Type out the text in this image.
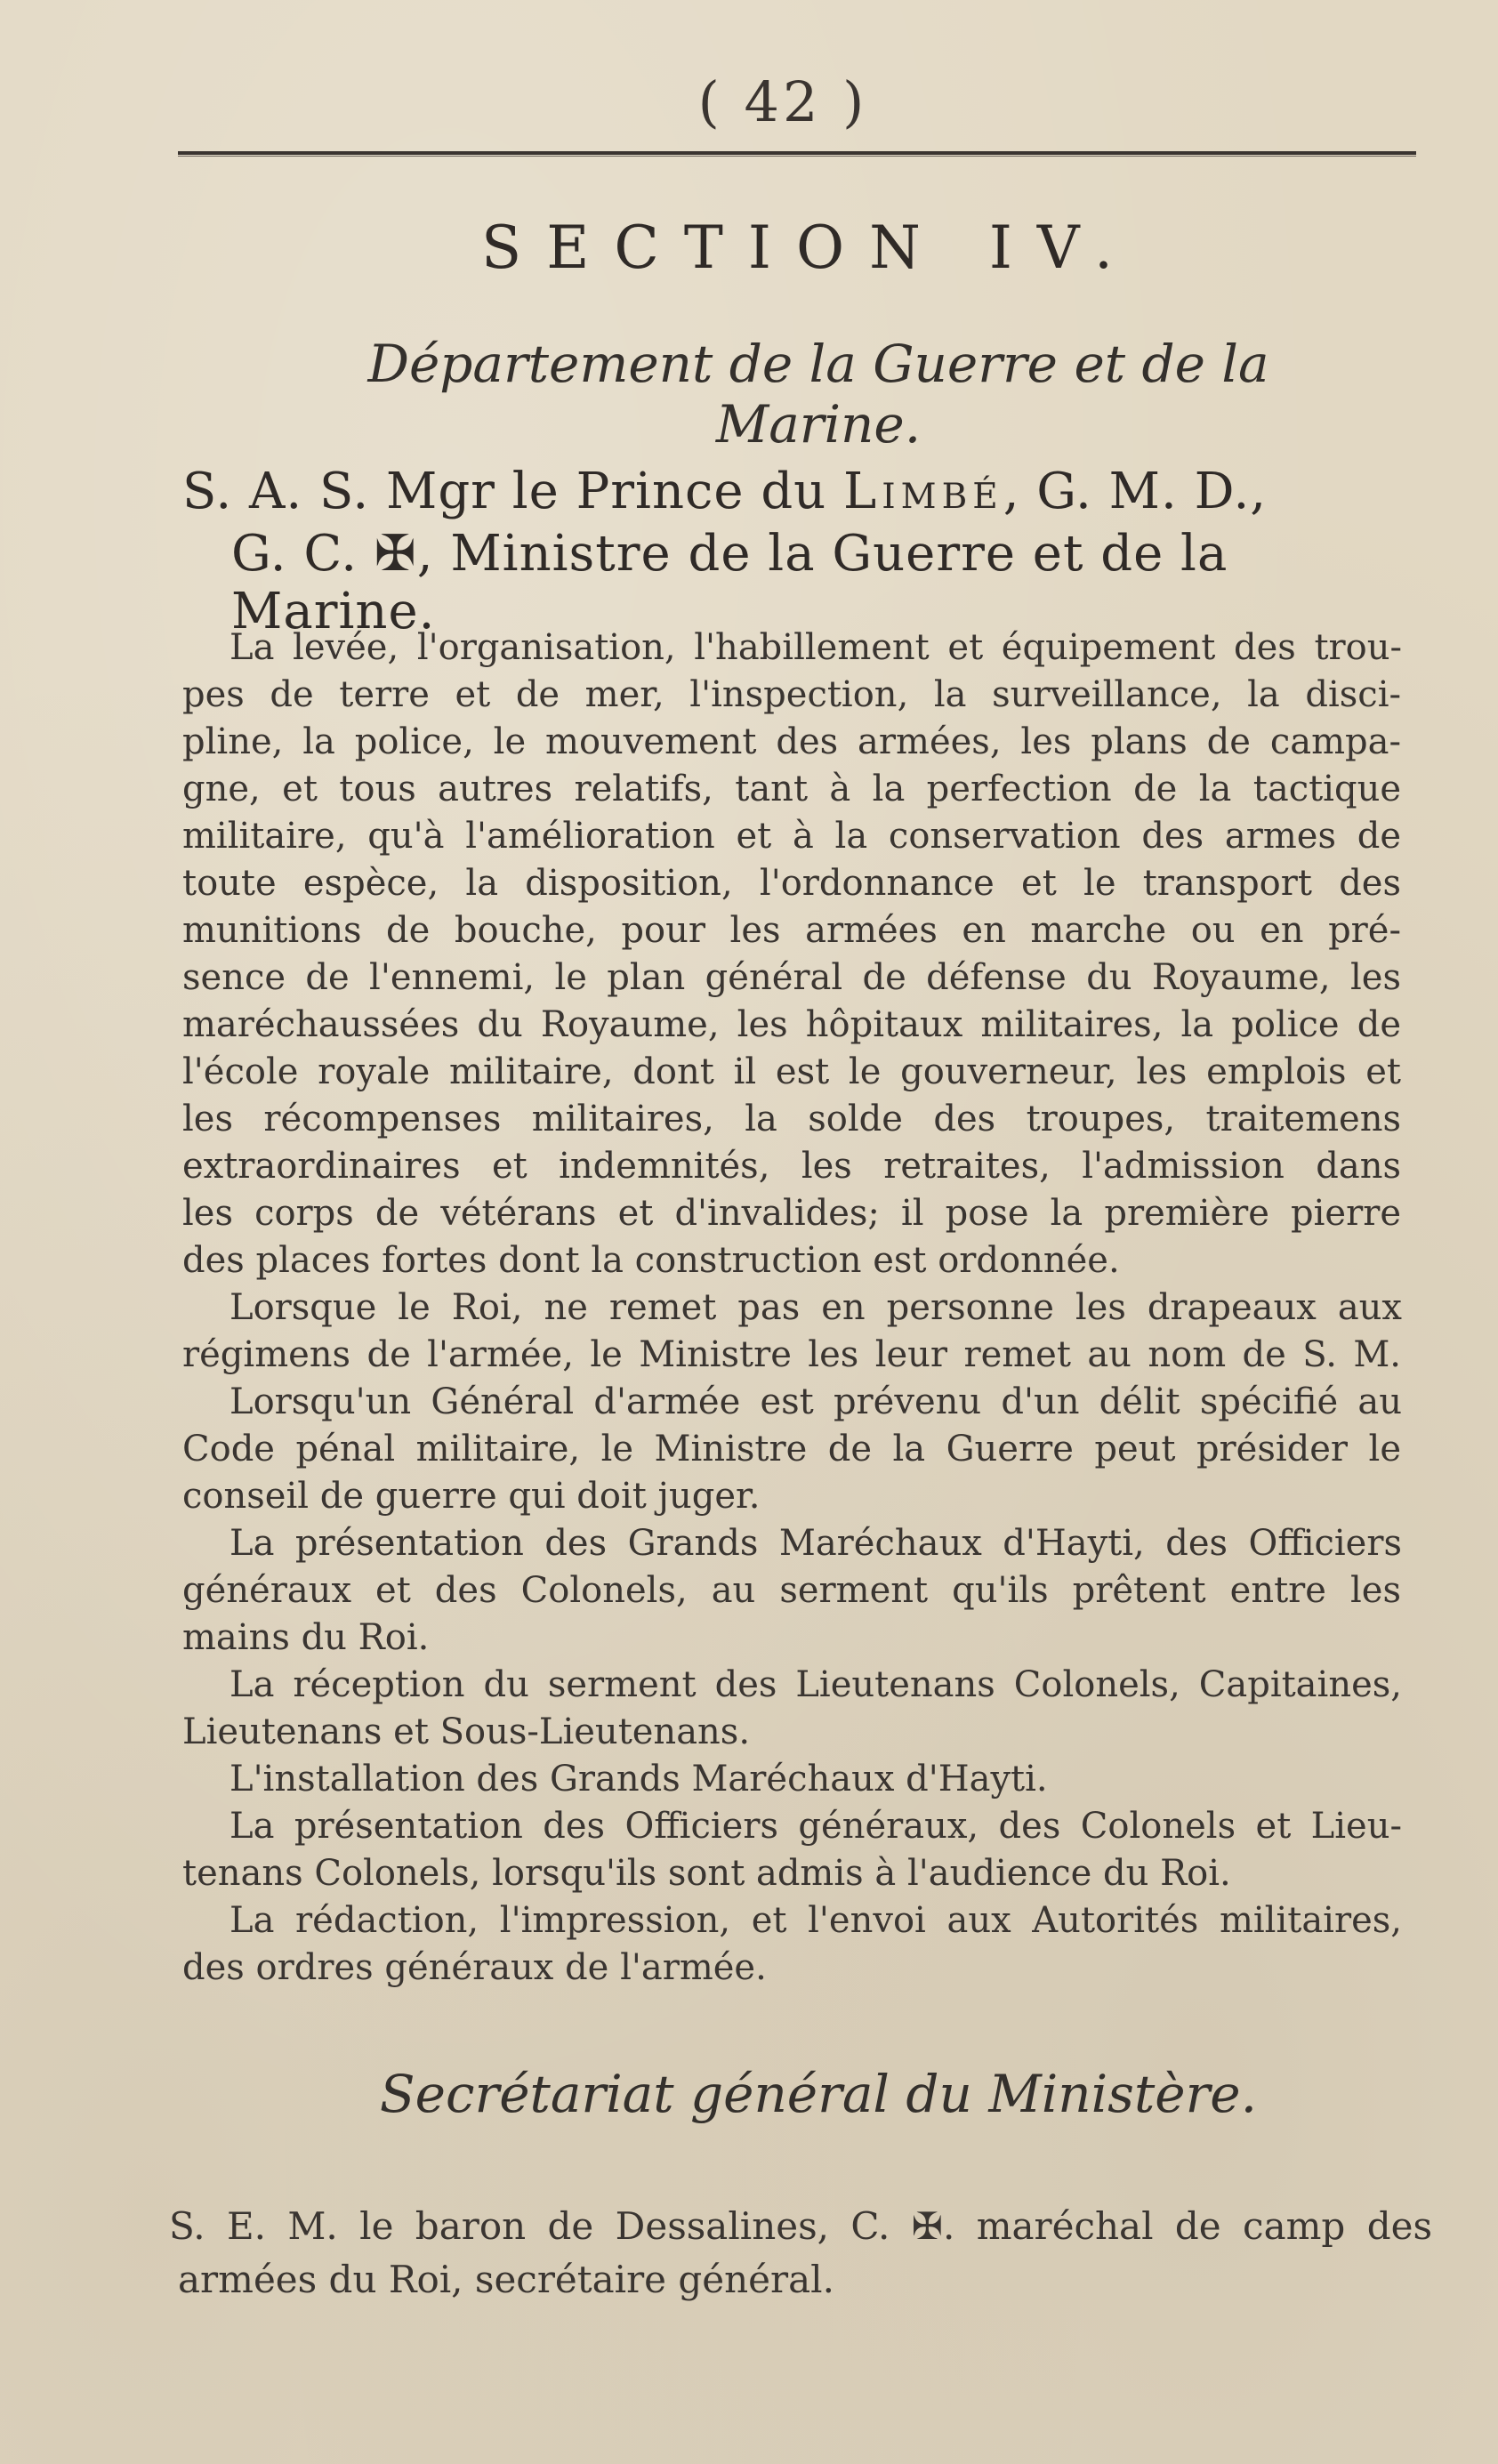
( 42 )
SECTION IV.
Département de la Guerre et de la Marine.
S. A. S. Mgr le Prince du Limbé, G. M. D.,
G. C. ✠, Ministre de la Guerre et de la Marine.
La levée, l'organisation, l'habillement et équipement des trou-
pes de terre et de mer, l'inspection, la surveillance, la disci-
pline, la police, le mouvement des armées, les plans de campa-
gne, et tous autres relatifs, tant à la perfection de la tactique
militaire, qu'à l'amélioration et à la conservation des armes de
toute espèce, la disposition, l'ordonnance et le transport des
munitions de bouche, pour les armées en marche ou en pré-
sence de l'ennemi, le plan général de défense du Royaume, les
maréchaussées du Royaume, les hôpitaux militaires, la police de
l'école royale militaire, dont il est le gouverneur, les emplois et
les récompenses militaires, la solde des troupes, traitemens
extraordinaires et indemnités, les retraites, l'admission dans
les corps de vétérans et d'invalides; il pose la première pierre
des places fortes dont la construction est ordonnée.
Lorsque le Roi, ne remet pas en personne les drapeaux aux
régimens de l'armée, le Ministre les leur remet au nom de S. M.
Lorsqu'un Général d'armée est prévenu d'un délit spécifié au
Code pénal militaire, le Ministre de la Guerre peut présider le
conseil de guerre qui doit juger.
La présentation des Grands Maréchaux d'Hayti, des Officiers
généraux et des Colonels, au serment qu'ils prêtent entre les
mains du Roi.
La réception du serment des Lieutenans Colonels, Capitaines,
Lieutenans et Sous-Lieutenans.
L'installation des Grands Maréchaux d'Hayti.
La présentation des Officiers généraux, des Colonels et Lieu-
tenans Colonels, lorsqu'ils sont admis à l'audience du Roi.
La rédaction, l'impression, et l'envoi aux Autorités militaires,
des ordres généraux de l'armée.
Secrétariat général du Ministère.
S. E. M. le baron de Dessalines, C. ✠. maréchal de camp des
armées du Roi, secrétaire général.
